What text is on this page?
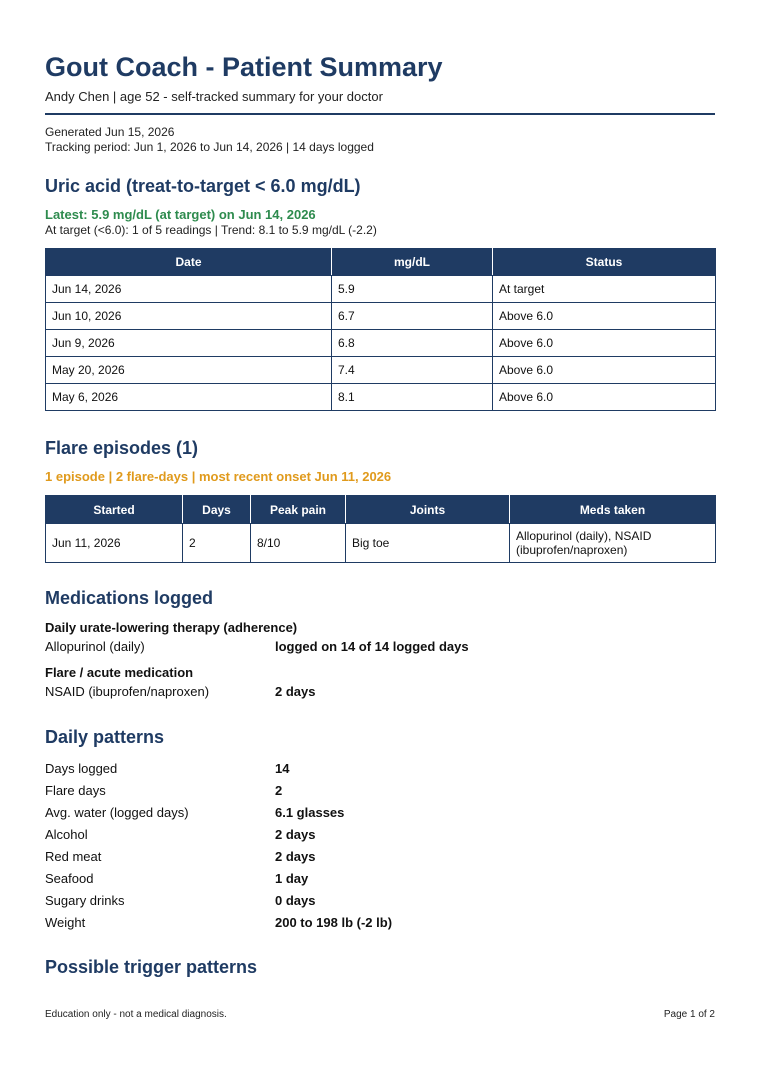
Gout Coach - Patient Summary
Andy Chen | age 52 - self-tracked summary for your doctor
Generated Jun 15, 2026
Tracking period: Jun 1, 2026 to Jun 14, 2026 | 14 days logged
Uric acid (treat-to-target < 6.0 mg/dL)
Latest: 5.9 mg/dL (at target) on Jun 14, 2026
At target (<6.0): 1 of 5 readings | Trend: 8.1 to 5.9 mg/dL (-2.2)
Date	mg/dL	Status
Jun 14, 2026	5.9	At target
Jun 10, 2026	6.7	Above 6.0
Jun 9, 2026	6.8	Above 6.0
May 20, 2026	7.4	Above 6.0
May 6, 2026	8.1	Above 6.0
Flare episodes (1)
1 episode | 2 flare-days | most recent onset Jun 11, 2026
Started	Days	Peak pain	Joints	Meds taken
Jun 11, 2026	2	8/10	Big toe	Allopurinol (daily), NSAID (ibuprofen/naproxen)
Medications logged
Daily urate-lowering therapy (adherence)
Allopurinol (daily)	logged on 14 of 14 logged days
Flare / acute medication
NSAID (ibuprofen/naproxen)	2 days
Daily patterns
Days logged	14
Flare days	2
Avg. water (logged days)	6.1 glasses
Alcohol	2 days
Red meat	2 days
Seafood	1 day
Sugary drinks	0 days
Weight	200 to 198 lb (-2 lb)
Possible trigger patterns
Education only - not a medical diagnosis.	Page 1 of 2
